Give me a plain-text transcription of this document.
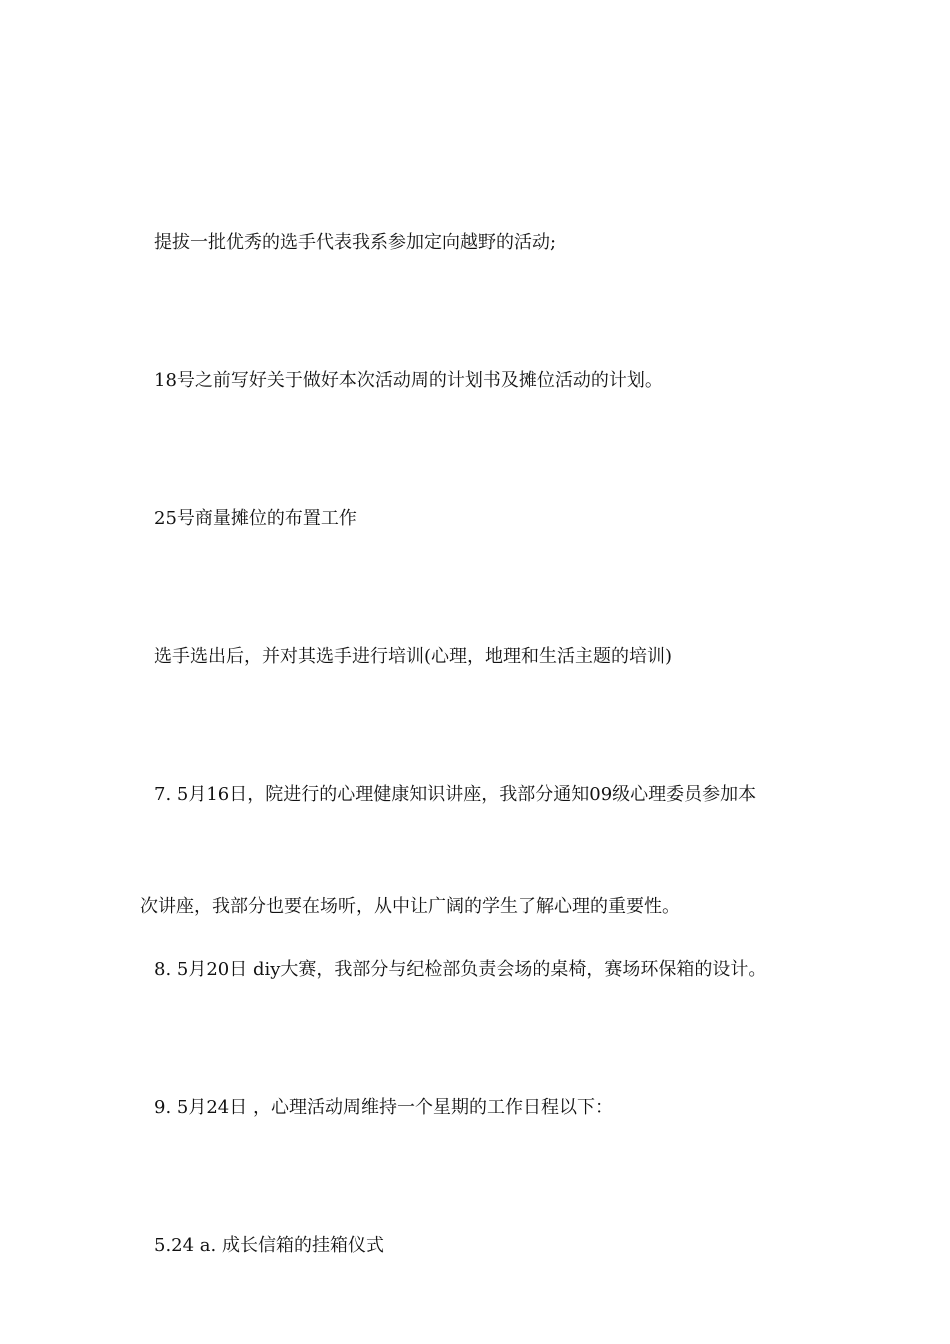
提拔一批优秀的选手代表我系参加定向越野的活动;

18号之前写好关于做好本次活动周的计划书及摊位活动的计划。

25号商量摊位的布置工作

选手选出后，并对其选手进行培训(心理，地理和生活主题的培训)

7. 5月16日，院进行的心理健康知识讲座，我部分通知09级心理委员参加本

次讲座，我部分也要在场听，从中让广阔的学生了解心理的重要性。

8. 5月20日 diy大赛，我部分与纪检部负责会场的桌椅，赛场环保箱的设计。

9. 5月24日 ，心理活动周维持一个星期的工作日程以下：

5.24 a. 成长信箱的挂箱仪式
